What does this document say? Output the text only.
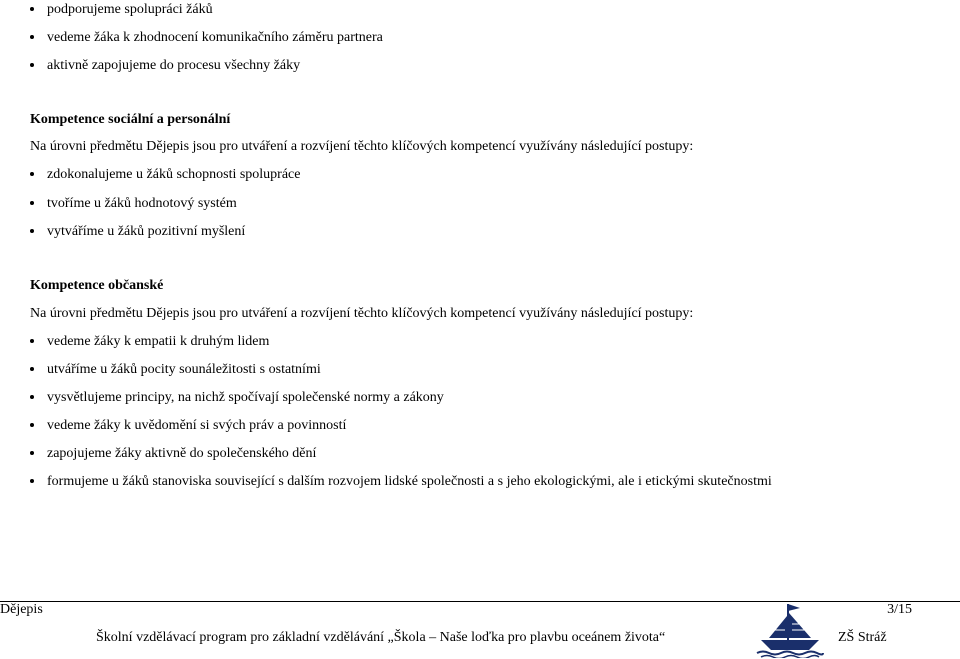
podporujeme spolupráci žáků
vedeme žáka k zhodnocení komunikačního záměru partnera
aktivně zapojujeme do procesu všechny žáky
Kompetence sociální a personální
Na úrovni předmětu Dějepis jsou pro utváření a rozvíjení těchto klíčových kompetencí využívány následující postupy:
zdokonalujeme u žáků schopnosti spolupráce
tvoříme u žáků hodnotový systém
vytváříme u žáků pozitivní myšlení
Kompetence občanské
Na úrovni předmětu Dějepis jsou pro utváření a rozvíjení těchto klíčových kompetencí využívány následující postupy:
vedeme žáky k empatii k druhým lidem
utváříme u žáků pocity sounáležitosti s ostatními
vysvětlujeme principy, na nichž spočívají společenské normy a zákony
vedeme žáky k uvědomění si svých práv a povinností
zapojujeme žáky aktivně do společenského dění
formujeme u žáků stanoviska související s dalším rozvojem lidské společnosti a s jeho ekologickými, ale i etickými skutečnostmi
Dějepis	3/15
Školní vzdělávací program pro základní vzdělávání „Škola – Naše loďka pro plavbu oceánem života“	ZŠ Stráž
